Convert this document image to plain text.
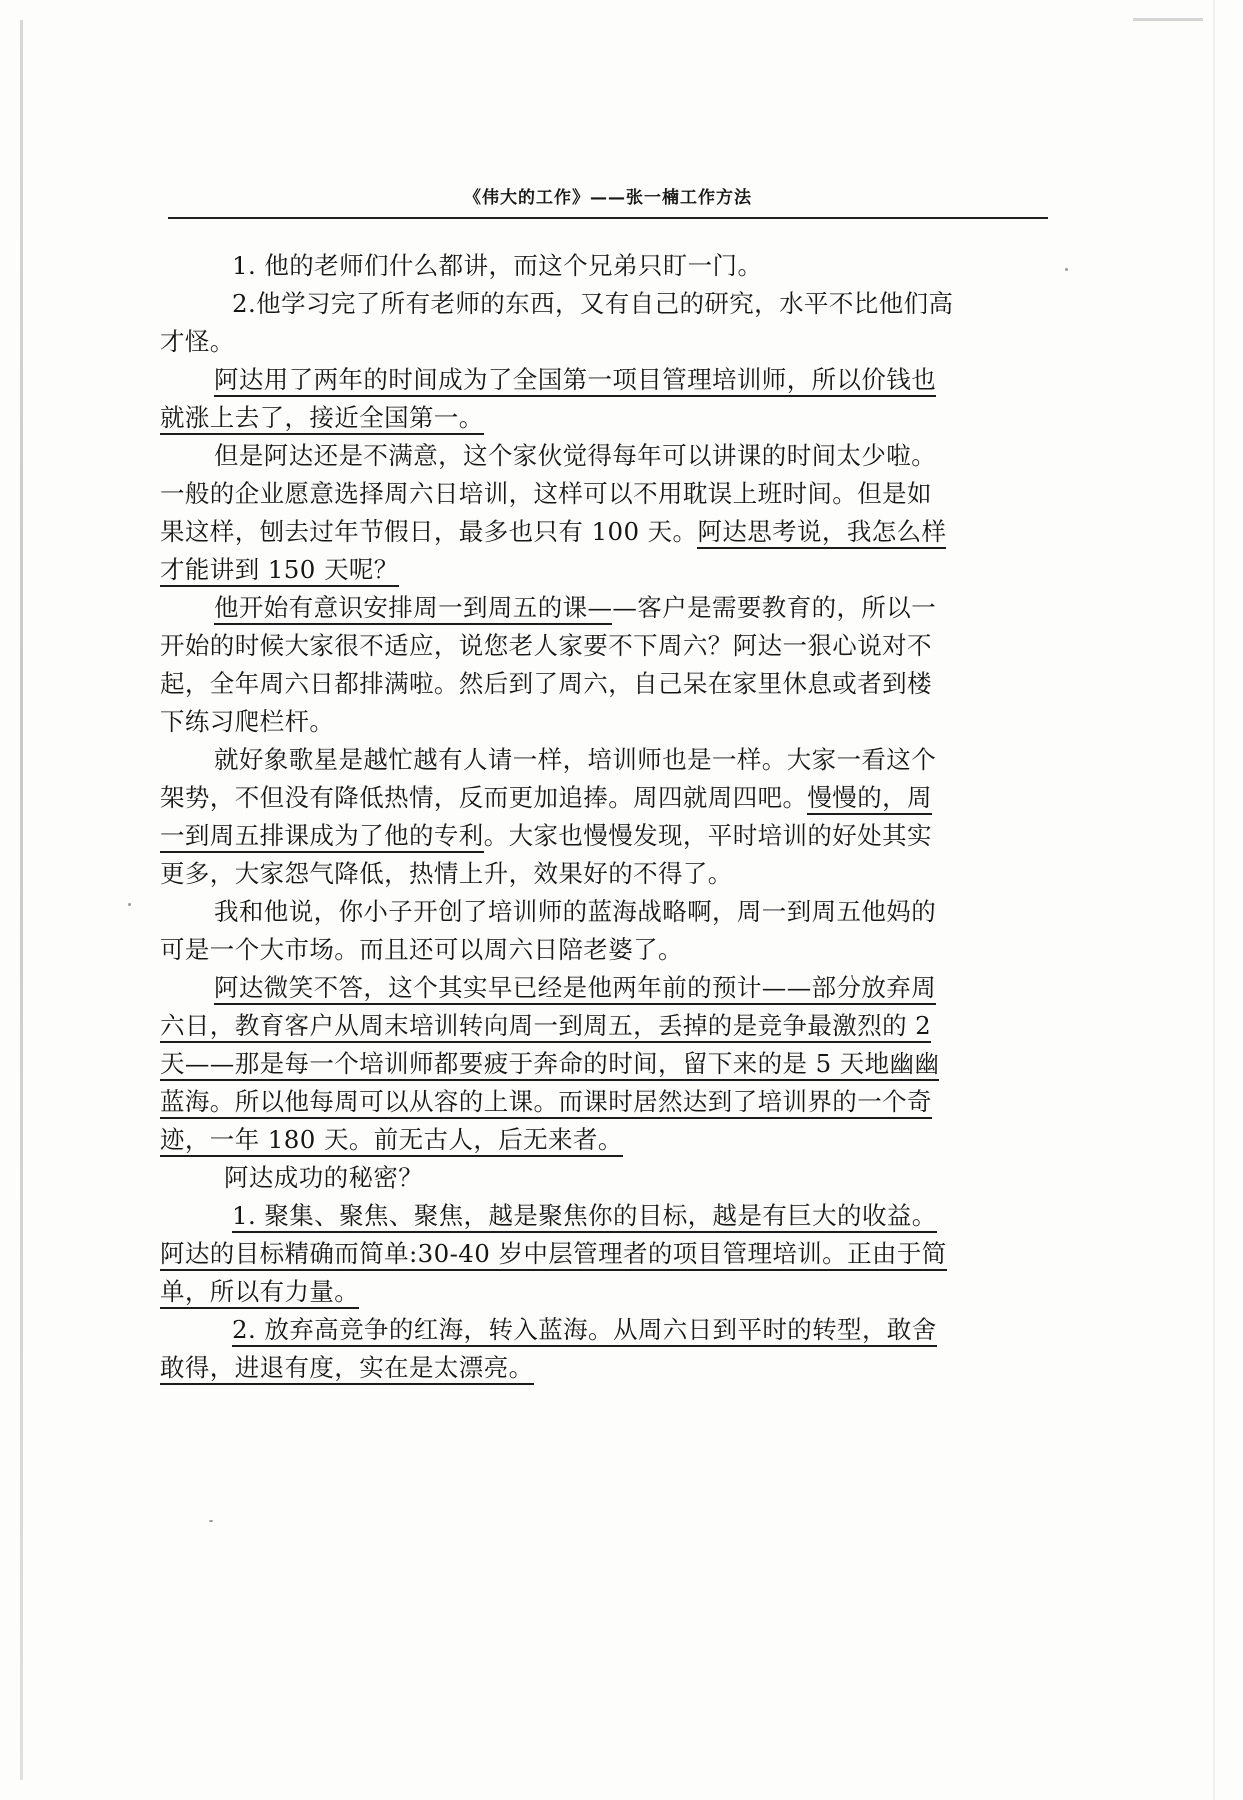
《伟大的工作》——张一楠工作方法
1. 他的老师们什么都讲，而这个兄弟只盯一门。
2.他学习完了所有老师的东西，又有自己的研究，水平不比他们高
才怪。
阿达用了两年的时间成为了全国第一项目管理培训师，所以价钱也
就涨上去了，接近全国第一。
但是阿达还是不满意，这个家伙觉得每年可以讲课的时间太少啦。
一般的企业愿意选择周六日培训，这样可以不用耽误上班时间。但是如
果这样，刨去过年节假日，最多也只有 100 天。阿达思考说，我怎么样
才能讲到 150 天呢？
他开始有意识安排周一到周五的课——客户是需要教育的，所以一
开始的时候大家很不适应，说您老人家要不下周六？阿达一狠心说对不
起，全年周六日都排满啦。然后到了周六，自己呆在家里休息或者到楼
下练习爬栏杆。
就好象歌星是越忙越有人请一样，培训师也是一样。大家一看这个
架势，不但没有降低热情，反而更加追捧。周四就周四吧。慢慢的，周
一到周五排课成为了他的专利。大家也慢慢发现，平时培训的好处其实
更多，大家怨气降低，热情上升，效果好的不得了。
我和他说，你小子开创了培训师的蓝海战略啊，周一到周五他妈的
可是一个大市场。而且还可以周六日陪老婆了。
阿达微笑不答，这个其实早已经是他两年前的预计——部分放弃周
六日，教育客户从周末培训转向周一到周五，丢掉的是竞争最激烈的 2
天——那是每一个培训师都要疲于奔命的时间，留下来的是 5 天地幽幽
蓝海。所以他每周可以从容的上课。而课时居然达到了培训界的一个奇
迹，一年 180 天。前无古人，后无来者。
阿达成功的秘密？
1. 聚集、聚焦、聚焦，越是聚焦你的目标，越是有巨大的收益。
阿达的目标精确而简单:30-40 岁中层管理者的项目管理培训。正由于简
单，所以有力量。
2. 放弃高竞争的红海，转入蓝海。从周六日到平时的转型，敢舍
敢得，进退有度，实在是太漂亮。
